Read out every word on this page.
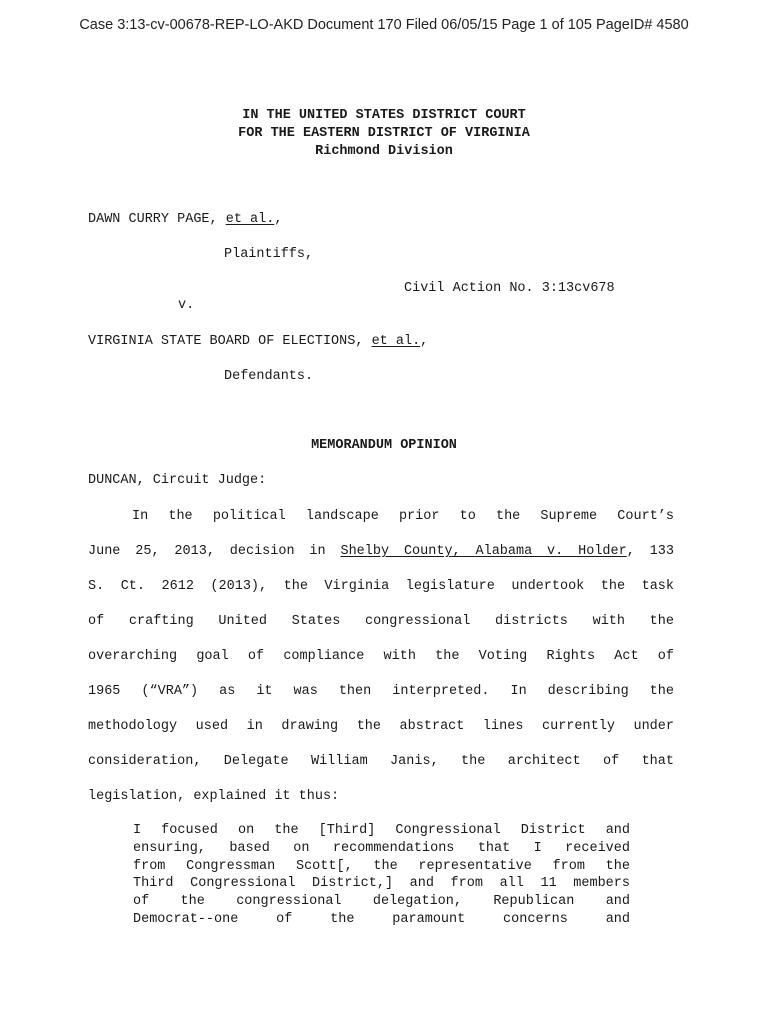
Case 3:13-cv-00678-REP-LO-AKD Document 170 Filed 06/05/15 Page 1 of 105 PageID# 4580
IN THE UNITED STATES DISTRICT COURT
FOR THE EASTERN DISTRICT OF VIRGINIA
Richmond Division
DAWN CURRY PAGE, et al.,
Plaintiffs,
Civil Action No. 3:13cv678
v.
VIRGINIA STATE BOARD OF ELECTIONS, et al.,
Defendants.
MEMORANDUM OPINION
DUNCAN, Circuit Judge:
In the political landscape prior to the Supreme Court’s
June 25, 2013, decision in Shelby County, Alabama v. Holder, 133
S. Ct. 2612 (2013), the Virginia legislature undertook the task
of crafting United States congressional districts with the
overarching goal of compliance with the Voting Rights Act of
1965 (“VRA”) as it was then interpreted. In describing the
methodology used in drawing the abstract lines currently under
consideration, Delegate William Janis, the architect of that
legislation, explained it thus:
I focused on the [Third] Congressional District and
ensuring, based on recommendations that I received
from Congressman Scott[, the representative from the
Third Congressional District,] and from all 11 members
of the congressional delegation, Republican and
Democrat--one of the paramount concerns and
